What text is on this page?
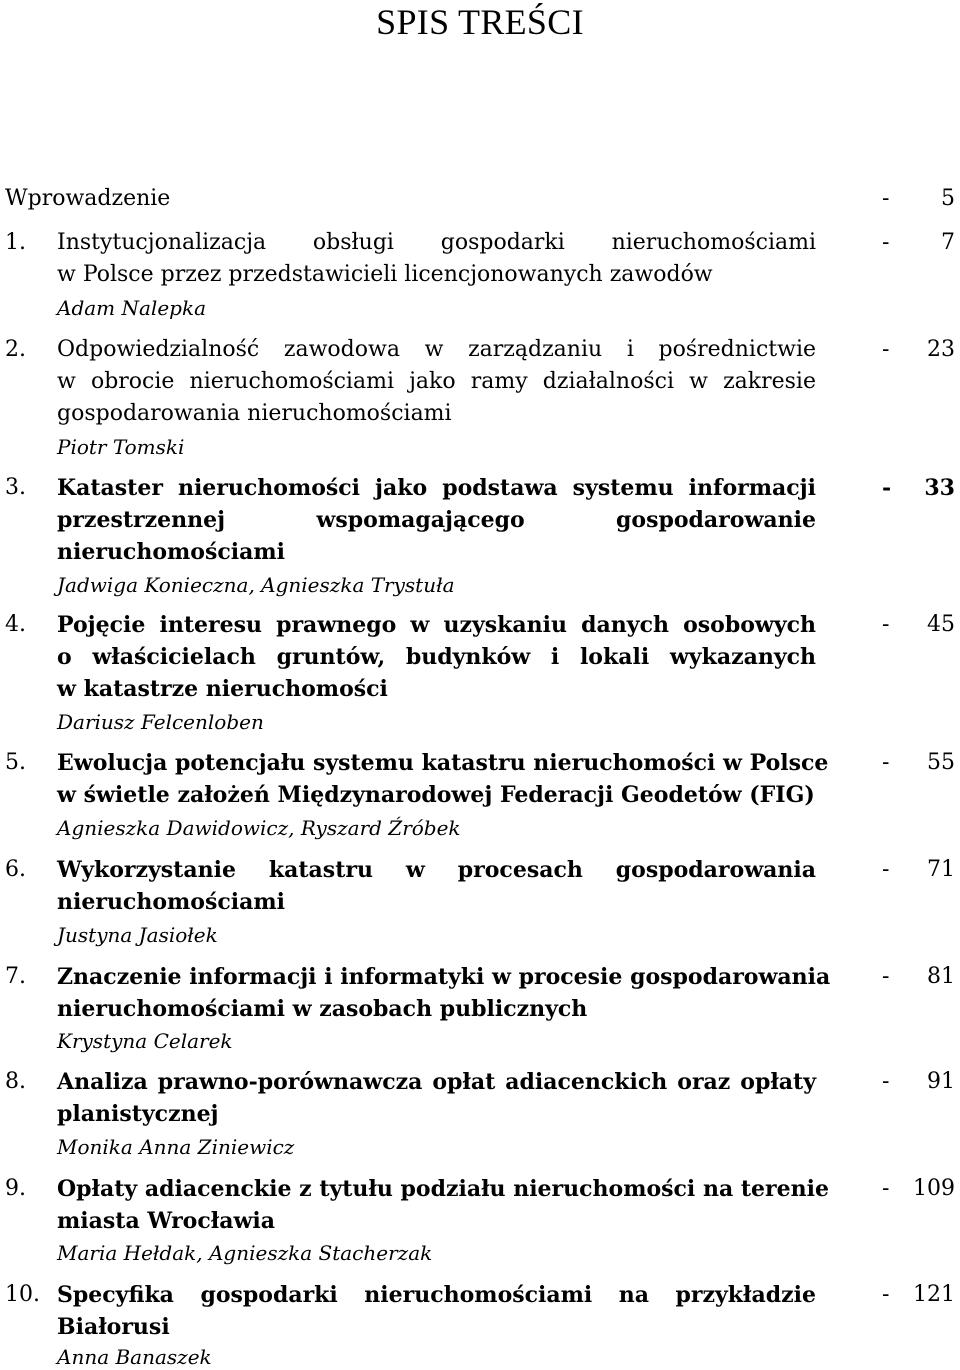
SPIS TREŚCI
Wprowadzenie	- 5
1. Instytucjonalizacja obsługi gospodarki nieruchomościami	- 7
w Polsce przez przedstawicieli licencjonowanych zawodów
Adam Nalepka
2. Odpowiedzialność zawodowa w zarządzaniu i pośrednictwie	- 23
w obrocie nieruchomościami jako ramy działalności w zakresie
gospodarowania nieruchomościami
Piotr Tomski
3. Kataster nieruchomości jako podstawa systemu informacji	- 33
przestrzennej wspomagającego gospodarowanie
nieruchomościami
Jadwiga Konieczna, Agnieszka Trystuła
4. Pojęcie interesu prawnego w uzyskaniu danych osobowych	- 45
o właścicielach gruntów, budynków i lokali wykazanych
w katastrze nieruchomości
Dariusz Felcenloben
5. Ewolucja potencjału systemu katastru nieruchomości w Polsce - 55
w świetle założeń Międzynarodowej Federacji Geodetów (FIG)
Agnieszka Dawidowicz, Ryszard Źróbek
6. Wykorzystanie katastru w procesach gospodarowania	- 71
nieruchomościami
Justyna Jasiołek
7. Znaczenie informacji i informatyki w procesie gospodarowania - 81
nieruchomościami w zasobach publicznych
Krystyna Celarek
8. Analiza prawno-porównawcza opłat adiacenckich oraz opłaty	- 91
planistycznej
Monika Anna Ziniewicz
9. Opłaty adiacenckie z tytułu podziału nieruchomości na terenie - 109
miasta Wrocławia
Maria Hełdak, Agnieszka Stacherzak
10. Specyfika gospodarki nieruchomościami na przykładzie	- 121
Białorusi
Anna Banaszek
